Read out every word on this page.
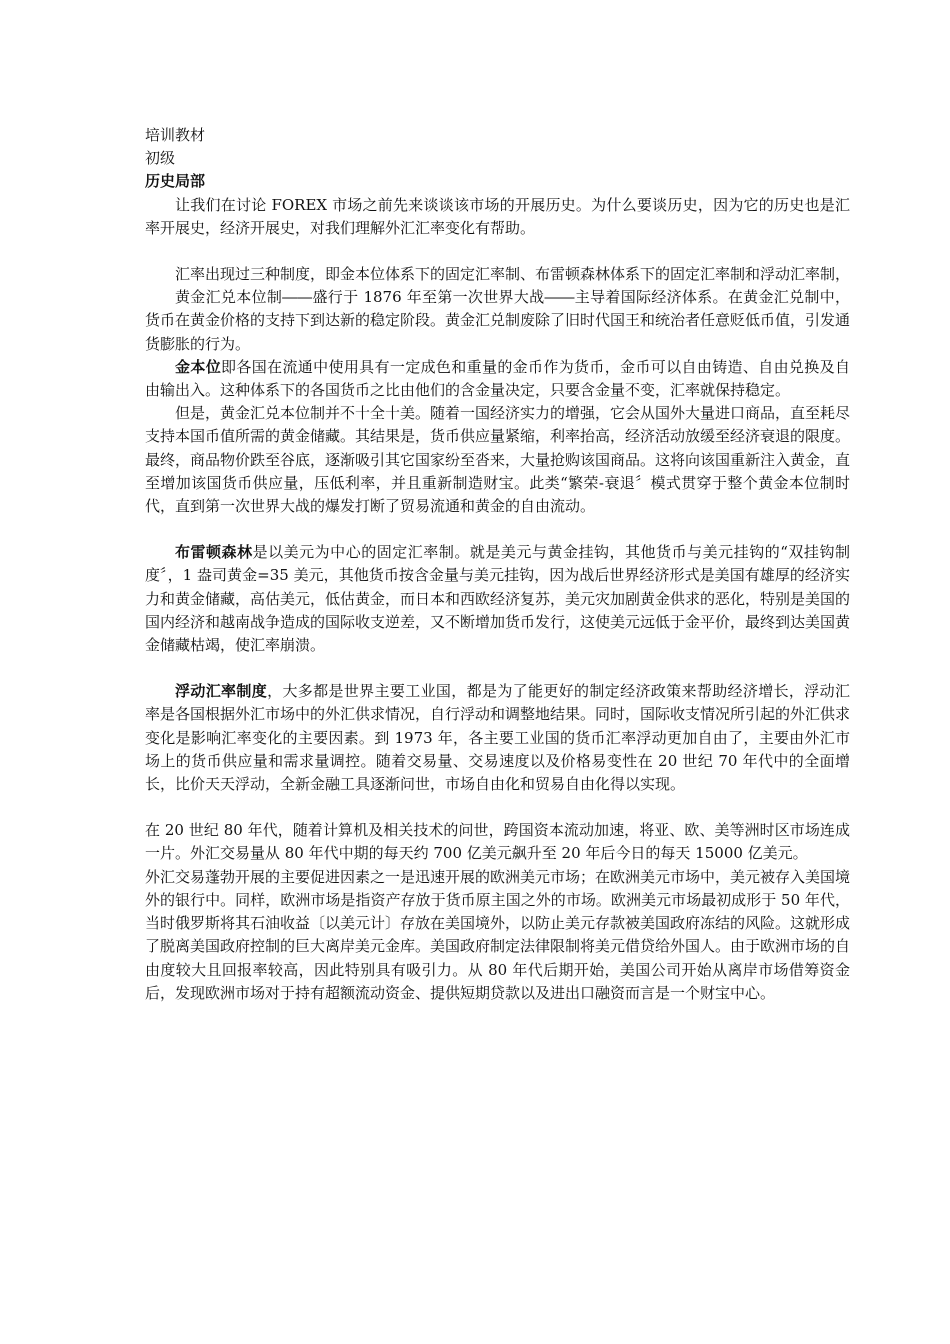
培训教材

初级

历史局部

让我们在讨论 FOREX 市场之前先来谈谈该市场的开展历史。为什么要谈历史，因为它的历史也是汇率开展史，经济开展史，对我们理解外汇汇率变化有帮助。

汇率出现过三种制度，即金本位体系下的固定汇率制、布雷顿森林体系下的固定汇率制和浮动汇率制，

黄金汇兑本位制――盛行于 1876 年至第一次世界大战――主导着国际经济体系。在黄金汇兑制中，货币在黄金价格的支持下到达新的稳定阶段。黄金汇兑制废除了旧时代国王和统治者任意贬低币值，引发通货膨胀的行为。

金本位即各国在流通中使用具有一定成色和重量的金币作为货币，金币可以自由铸造、自由兑换及自由输出入。这种体系下的各国货币之比由他们的含金量决定，只要含金量不变，汇率就保持稳定。

但是，黄金汇兑本位制并不十全十美。随着一国经济实力的增强，它会从国外大量进口商品，直至耗尽支持本国币值所需的黄金储藏。其结果是，货币供应量紧缩，利率抬高，经济活动放缓至经济衰退的限度。 最终，商品物价跌至谷底，逐渐吸引其它国家纷至沓来，大量抢购该国商品。这将向该国重新注入黄金，直至增加该国货币供应量，压低利率，并且重新制造财宝。此类“繁荣-衰退〞模式贯穿于整个黄金本位制时代，直到第一次世界大战的爆发打断了贸易流通和黄金的自由流动。

布雷顿森林是以美元为中心的固定汇率制。就是美元与黄金挂钩，其他货币与美元挂钩的“双挂钩制度〞，1 盎司黄金=35 美元，其他货币按含金量与美元挂钩，因为战后世界经济形式是美国有雄厚的经济实力和黄金储藏，高估美元，低估黄金，而日本和西欧经济复苏，美元灾加剧黄金供求的恶化，特别是美国的国内经济和越南战争造成的国际收支逆差，又不断增加货币发行，这使美元远低于金平价，最终到达美国黄金储藏枯竭，使汇率崩溃。

浮动汇率制度，大多都是世界主要工业国，都是为了能更好的制定经济政策来帮助经济增长，浮动汇率是各国根据外汇市场中的外汇供求情况，自行浮动和调整地结果。同时，国际收支情况所引起的外汇供求变化是影响汇率变化的主要因素。到 1973 年，各主要工业国的货币汇率浮动更加自由了，主要由外汇市场上的货币供应量和需求量调控。随着交易量、交易速度以及价格易变性在 20 世纪 70 年代中的全面增长，比价天天浮动，全新金融工具逐渐问世，市场自由化和贸易自由化得以实现。

在 20 世纪 80 年代，随着计算机及相关技术的问世，跨国资本流动加速，将亚、欧、美等洲时区市场连成一片。外汇交易量从 80 年代中期的每天约 700 亿美元飙升至 20 年后今日的每天 15000 亿美元。

外汇交易蓬勃开展的主要促进因素之一是迅速开展的欧洲美元市场；在欧洲美元市场中，美元被存入美国境外的银行中。同样，欧洲市场是指资产存放于货币原主国之外的市场。欧洲美元市场最初成形于 50 年代，当时俄罗斯将其石油收益〔以美元计〕存放在美国境外，以防止美元存款被美国政府冻结的风险。这就形成了脱离美国政府控制的巨大离岸美元金库。美国政府制定法律限制将美元借贷给外国人。由于欧洲市场的自由度较大且回报率较高，因此特别具有吸引力。从 80 年代后期开始，美国公司开始从离岸市场借筹资金后，发现欧洲市场对于持有超额流动资金、提供短期贷款以及进出口融资而言是一个财宝中心。
